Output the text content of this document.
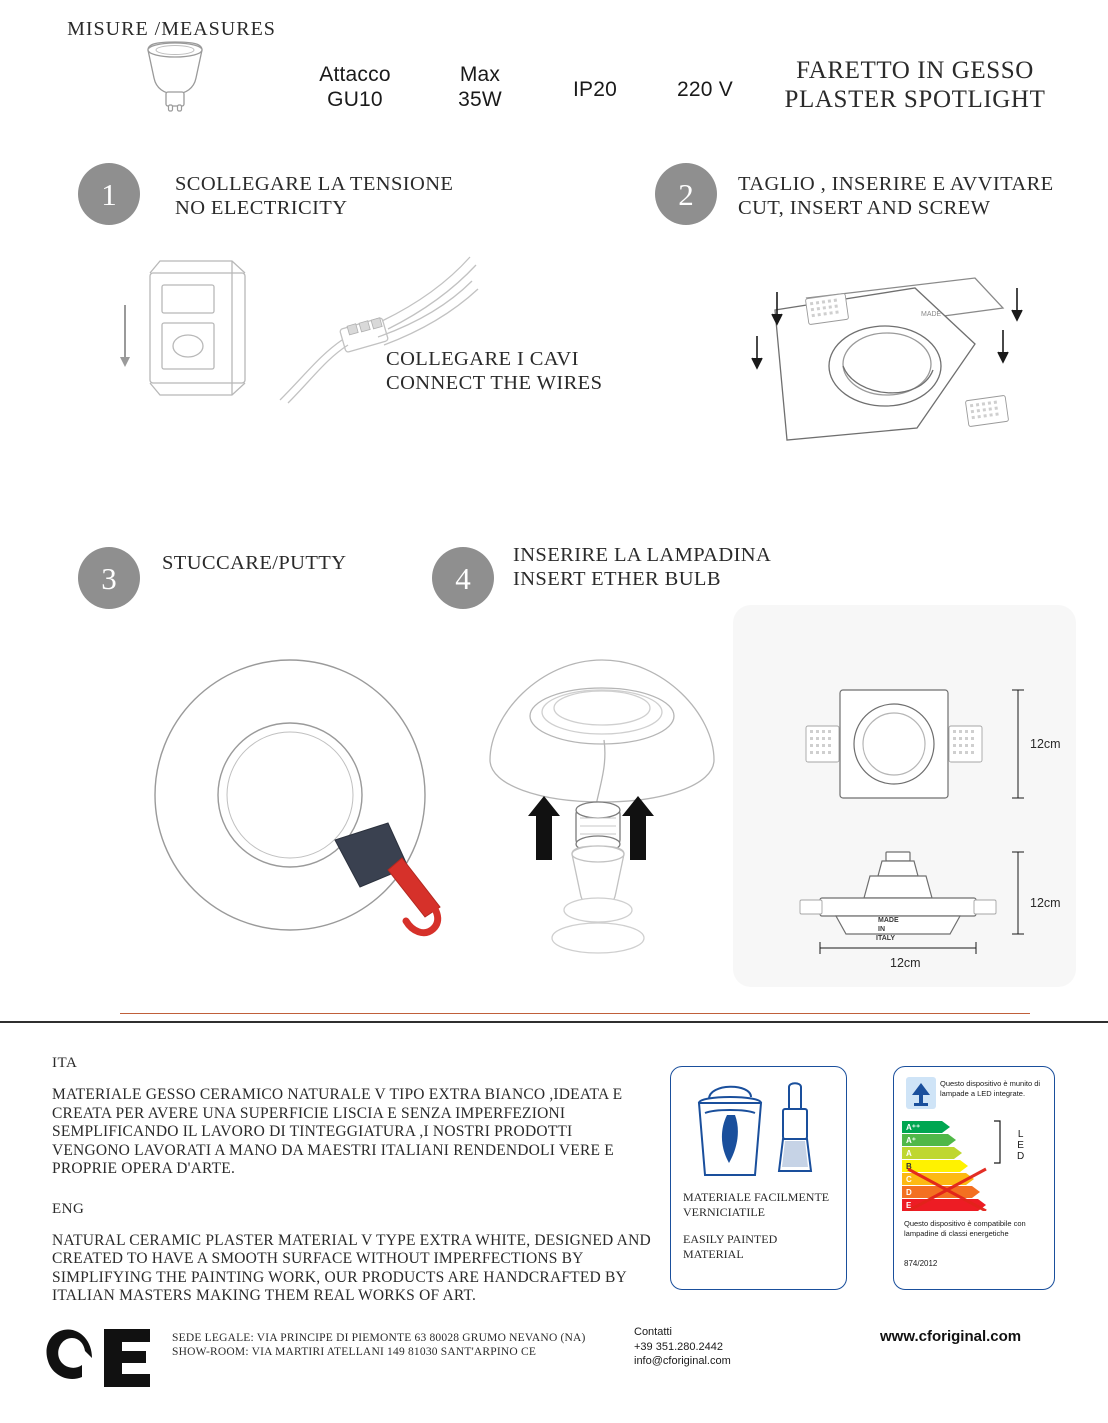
Attacco
GU10
Max
35W	IP20	220 V
FARETTO IN GESSO
PLASTER SPOTLIGHT
1	SCOLLEGARE LA TENSIONE
NO ELECTRICITY
COLLEGARE I CAVI
CONNECT THE WIRES
2 TAGLIO , INSERIRE E AVVITARE
CUT, INSERT AND SCREW
MADE
3 STUCCARE/PUTTY	4
INSERIRE LA LAMPADINA
INSERT ETHER BULB
MISURE /MEASURES
12cm
MADE
IN
ITALY
12cm
12cm
ITA
MATERIALE GESSO CERAMICO NATURALE V TIPO EXTRA BIANCO ,IDEATA E CREATA PER AVERE UNA SUPERFICIE LISCIA E SENZA IMPERFEZIONI SEMPLIFICANDO IL LAVORO DI TINTEGGIATURA ,I NOSTRI PRODOTTI VENGONO LAVORATI A MANO DA MAESTRI ITALIANI RENDENDOLI VERE E PROPRIE OPERA D'ARTE.
ENG
NATURAL CERAMIC PLASTER MATERIAL V TYPE EXTRA WHITE, DESIGNED AND CREATED TO HAVE A SMOOTH SURFACE WITHOUT IMPERFECTIONS BY SIMPLIFYING THE PAINTING WORK, OUR PRODUCTS ARE HANDCRAFTED BY ITALIAN MASTERS MAKING THEM REAL WORKS OF ART.
MATERIALE FACILMENTE VERNICIATILE
EASILY PAINTED MATERIAL
Questo dispositivo è munito di lampade a LED integrate.
A⁺⁺
A⁺
A
B
C
D
E
L
E
D
Questo dispositivo è compatibile con lampadine di classi energetiche
874/2012
SEDE LEGALE: VIA PRINCIPE DI PIEMONTE 63 80028 GRUMO NEVANO (NA)
SHOW-ROOM: VIA MARTIRI ATELLANI 149 81030 SANT'ARPINO CE
Contatti
+39 351.280.2442
info@cforiginal.com
www.cforiginal.com
